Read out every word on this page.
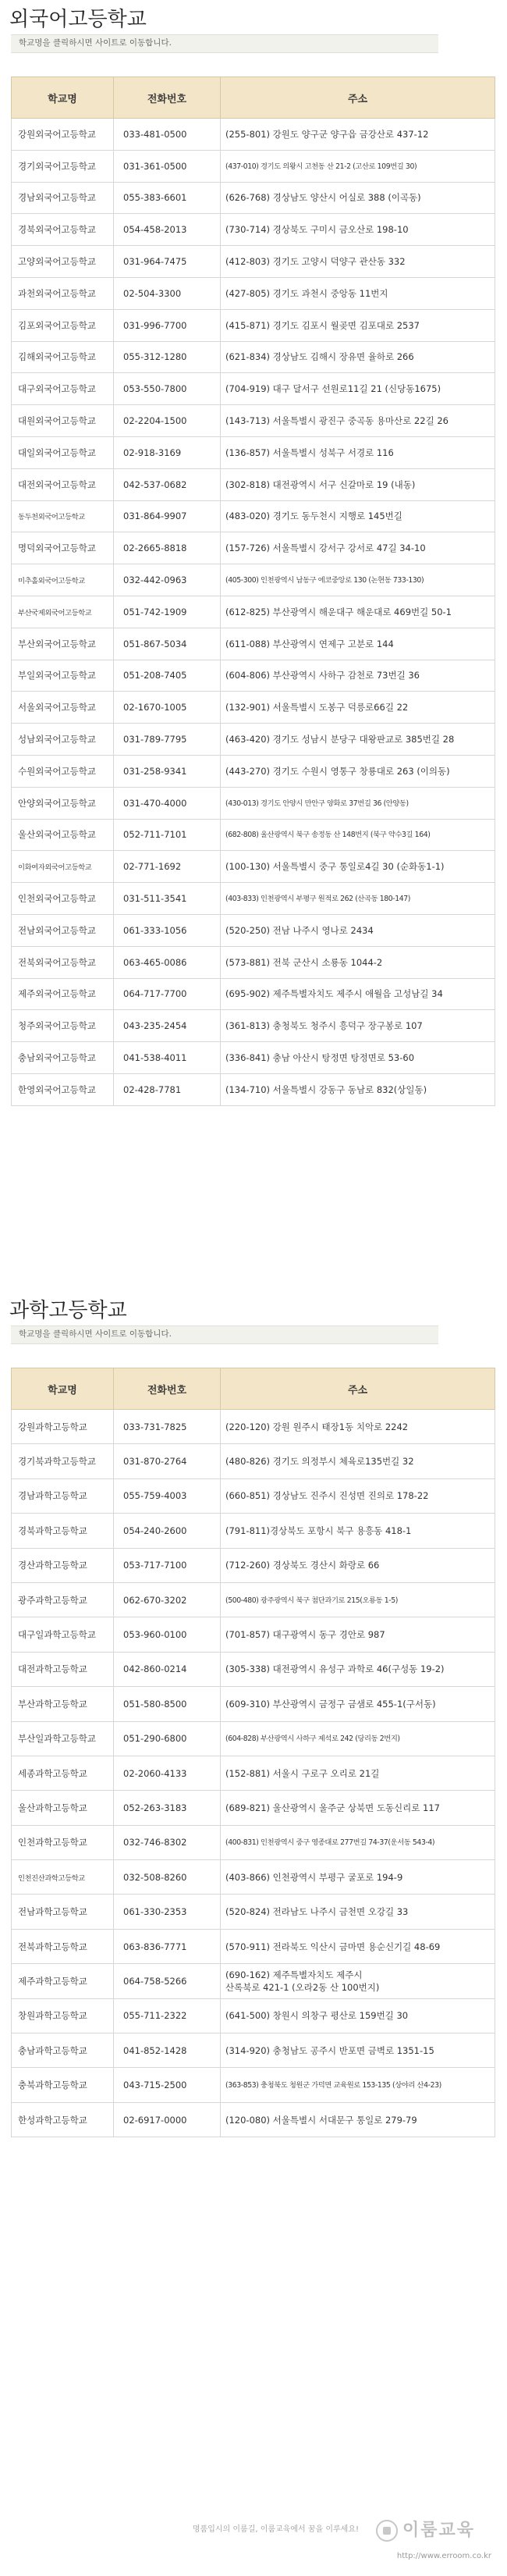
외국어고등학교
학교명을 클릭하시면 사이트로 이동합니다.
학교명	전화번호	주소
강원외국어고등학교	033-481-0500	(255-801) 강원도 양구군 양구읍 금강산로 437-12
경기외국어고등학교	031-361-0500	(437-010) 경기도 의왕시 고천동 산 21-2 (고산로 109번길 30)
경남외국어고등학교	055-383-6601	(626-768) 경상남도 양산시 어실로 388 (이곡동)
경북외국어고등학교	054-458-2013	(730-714) 경상북도 구미시 금오산로 198-10
고양외국어고등학교	031-964-7475	(412-803) 경기도 고양시 덕양구 관산동 332
과천외국어고등학교	02-504-3300	(427-805) 경기도 과천시 중앙동 11번지
김포외국어고등학교	031-996-7700	(415-871) 경기도 김포시 월곶면 김포대로 2537
김해외국어고등학교	055-312-1280	(621-834) 경상남도 김해시 장유면 율하로 266
대구외국어고등학교	053-550-7800	(704-919) 대구 달서구 선원로11길 21 (신당동1675)
대원외국어고등학교	02-2204-1500	(143-713) 서울특별시 광진구 중곡동 용마산로 22길 26
대일외국어고등학교	02-918-3169	(136-857) 서울특별시 성북구 서경로 116
대전외국어고등학교	042-537-0682	(302-818) 대전광역시 서구 신갈마로 19 (내동)
동두천외국어고등학교	031-864-9907	(483-020) 경기도 동두천시 지행로 145번길
명덕외국어고등학교	02-2665-8818	(157-726) 서울특별시 강서구 강서로 47길 34-10
미추홀외국어고등학교	032-442-0963	(405-300) 인천광역시 남동구 에코중앙로 130 (논현동 733-130)
부산국제외국어고등학교	051-742-1909	(612-825) 부산광역시 해운대구 해운대로 469번길 50-1
부산외국어고등학교	051-867-5034	(611-088) 부산광역시 연제구 고분로 144
부일외국어고등학교	051-208-7405	(604-806) 부산광역시 사하구 감천로 73번길 36
서울외국어고등학교	02-1670-1005	(132-901) 서울특별시 도봉구 덕릉로66길 22
성남외국어고등학교	031-789-7795	(463-420) 경기도 성남시 분당구 대왕판교로 385번길 28
수원외국어고등학교	031-258-9341	(443-270) 경기도 수원시 영통구 창룡대로 263 (이의동)
안양외국어고등학교	031-470-4000	(430-013) 경기도 안양시 만안구 양화로 37번길 36 (안양동)
울산외국어고등학교	052-711-7101	(682-808) 울산광역시 북구 송정동 산 148번지 (북구 약수3길 164)
이화여자외국어고등학교	02-771-1692	(100-130) 서울특별시 중구 통일로4길 30 (순화동1-1)
인천외국어고등학교	031-511-3541	(403-833) 인천광역시 부평구 원적로 262 (산곡동 180-147)
전남외국어고등학교	061-333-1056	(520-250) 전남 나주시 영나로 2434
전북외국어고등학교	063-465-0086	(573-881) 전북 군산시 소룡동 1044-2
제주외국어고등학교	064-717-7700	(695-902) 제주특별자치도 제주시 애월읍 고성남길 34
청주외국어고등학교	043-235-2454	(361-813) 충청북도 청주시 흥덕구 장구봉로 107
충남외국어고등학교	041-538-4011	(336-841) 충남 아산시 탕정면 탕정면로 53-60
한영외국어고등학교	02-428-7781	(134-710) 서울특별시 강동구 동남로 832(상일동)
과학고등학교
학교명을 클릭하시면 사이트로 이동합니다.
학교명	전화번호	주소
강원과학고등학교	033-731-7825	(220-120) 강원 원주시 태장1동 치악로 2242
경기북과학고등학교	031-870-2764	(480-826) 경기도 의정부시 체육로135번길 32
경남과학고등학교	055-759-4003	(660-851) 경상남도 진주시 진성면 진의로 178-22
경북과학고등학교	054-240-2600	(791-811)경상북도 포항시 북구 용흥동 418-1
경산과학고등학교	053-717-7100	(712-260) 경상북도 경산시 화랑로 66
광주과학고등학교	062-670-3202	(500-480) 광주광역시 북구 첨단과기로 215(오룡동 1-5)
대구일과학고등학교	053-960-0100	(701-857) 대구광역시 동구 경안로 987
대전과학고등학교	042-860-0214	(305-338) 대전광역시 유성구 과학로 46(구성동 19-2)
부산과학고등학교	051-580-8500	(609-310) 부산광역시 금정구 금샘로 455-1(구서동)
부산일과학고등학교	051-290-6800	(604-828) 부산광역시 사하구 제석로 242 (당리동 2번지)
세종과학고등학교	02-2060-4133	(152-881) 서울시 구로구 오리로 21길
울산과학고등학교	052-263-3183	(689-821) 울산광역시 울주군 상북면 도동신리로 117
인천과학고등학교	032-746-8302	(400-831) 인천광역시 중구 영종대로 277번길 74-37(운서동 543-4)
인천진산과학고등학교	032-508-8260	(403-866) 인천광역시 부평구 굴포로 194-9
전남과학고등학교	061-330-2353	(520-824) 전라남도 나주시 금천면 오강길 33
전북과학고등학교	063-836-7771	(570-911) 전라북도 익산시 금마면 용순신기길 48-69
제주과학고등학교	064-758-5266	(690-162) 제주특별자치도 제주시
산록북로 421-1 (오라2동 산 100번지)
창원과학고등학교	055-711-2322	(641-500) 창원시 의창구 평산로 159번길 30
충남과학고등학교	041-852-1428	(314-920) 충청남도 공주시 반포면 금벽로 1351-15
충북과학고등학교	043-715-2500	(363-853) 충청북도 청원군 가덕면 교육원로 153-135 (상야리 산4-23)
한성과학고등학교	02-6917-0000	(120-080) 서울특별시 서대문구 통일로 279-79
명품입시의 이룸길, 이룸교육에서 꿈을 이루세요!
http://www.erroom.co.kr
이룸교육
